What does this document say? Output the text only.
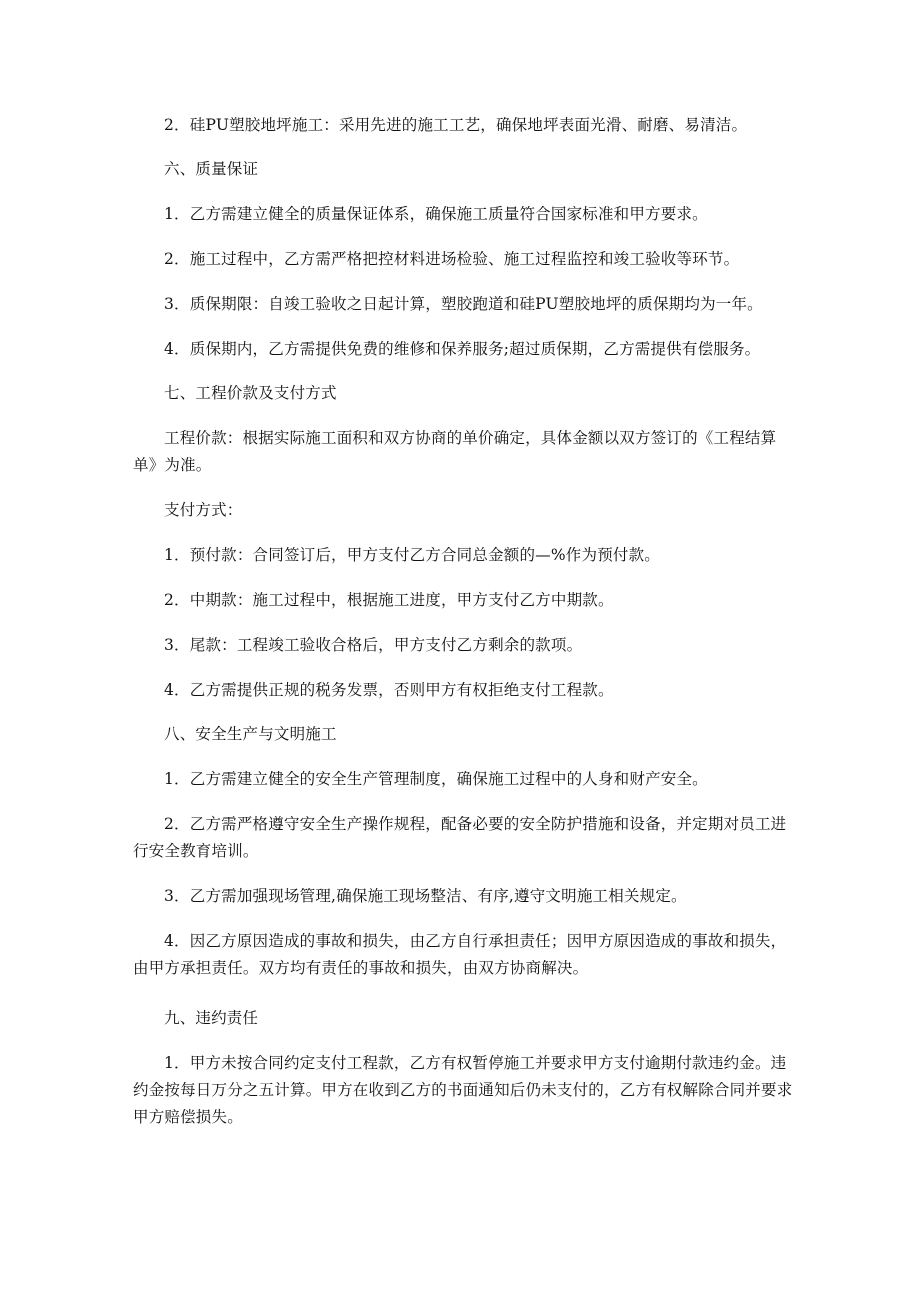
2．硅PU塑胶地坪施工：采用先进的施工工艺，确保地坪表面光滑、耐磨、易清洁。

六、质量保证

1．乙方需建立健全的质量保证体系，确保施工质量符合国家标准和甲方要求。

2．施工过程中，乙方需严格把控材料进场检验、施工过程监控和竣工验收等环节。

3．质保期限：自竣工验收之日起计算，塑胶跑道和硅PU塑胶地坪的质保期均为一年。

4．质保期内，乙方需提供免费的维修和保养服务;超过质保期，乙方需提供有偿服务。

七、工程价款及支付方式

工程价款：根据实际施工面积和双方协商的单价确定，具体金额以双方签订的《工程结算单》为准。

支付方式：

1．预付款：合同签订后，甲方支付乙方合同总金额的—%作为预付款。

2．中期款：施工过程中，根据施工进度，甲方支付乙方中期款。

3．尾款：工程竣工验收合格后，甲方支付乙方剩余的款项。

4．乙方需提供正规的税务发票，否则甲方有权拒绝支付工程款。

八、安全生产与文明施工

1．乙方需建立健全的安全生产管理制度，确保施工过程中的人身和财产安全。

2．乙方需严格遵守安全生产操作规程，配备必要的安全防护措施和设备，并定期对员工进行安全教育培训。

3．乙方需加强现场管理,确保施工现场整洁、有序,遵守文明施工相关规定。

4．因乙方原因造成的事故和损失，由乙方自行承担责任；因甲方原因造成的事故和损失，由甲方承担责任。双方均有责任的事故和损失，由双方协商解决。

九、违约责任

1．甲方未按合同约定支付工程款，乙方有权暂停施工并要求甲方支付逾期付款违约金。违约金按每日万分之五计算。甲方在收到乙方的书面通知后仍未支付的，乙方有权解除合同并要求甲方赔偿损失。
